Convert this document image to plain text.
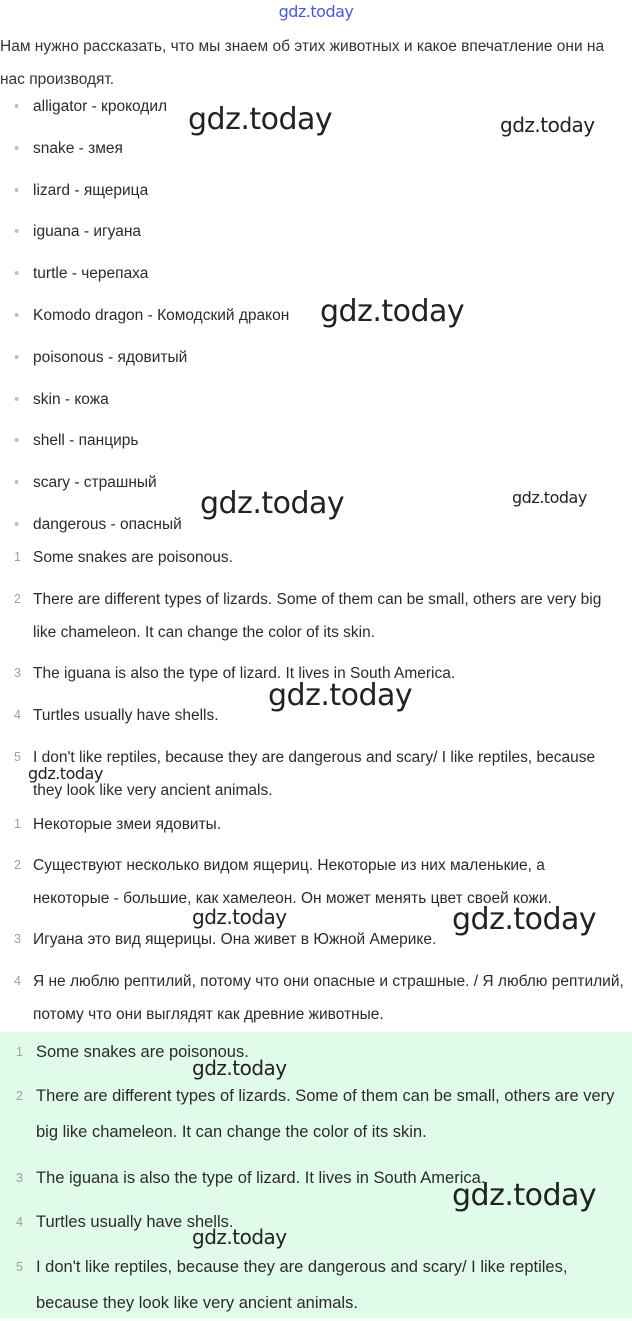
gdz.today
Нам нужно рассказать, что мы знаем об этих животных и какое впечатление они на нас производят.
• alligator - крокодил
• snake - змея
• lizard - ящерица
• iguana - игуана
• turtle - черепаха
• Komodo dragon - Комодский дракон
• poisonous - ядовитый
• skin - кожа
• shell - панцирь
• scary - страшный
• dangerous - опасный
1 Some snakes are poisonous.
2 There are different types of lizards. Some of them can be small, others are very big like chameleon. It can change the color of its skin.
3 The iguana is also the type of lizard. It lives in South America.
4 Turtles usually have shells.
5 I don't like reptiles, because they are dangerous and scary/ I like reptiles, because they look like very ancient animals.
1 Некоторые змеи ядовиты.
2 Существуют несколько видом ящериц. Некоторые из них маленькие, а некоторые - большие, как хамелеон. Он может менять цвет своей кожи.
3 Игуана это вид ящерицы. Она живет в Южной Америке.
4 Я не люблю рептилий, потому что они опасные и страшные. / Я люблю рептилий, потому что они выглядят как древние животные.
1 Some snakes are poisonous.
2 There are different types of lizards. Some of them can be small, others are very big like chameleon. It can change the color of its skin.
3 The iguana is also the type of lizard. It lives in South America.
4 Turtles usually have shells.
5 I don't like reptiles, because they are dangerous and scary/ I like reptiles, because they look like very ancient animals.
gdz.today	gdz.today
gdz.today
gdz.today	gdz.today
gdz.today
gdz.today
gdz.today	gdz.today
gdz.today
gdz.today
gdz.today
